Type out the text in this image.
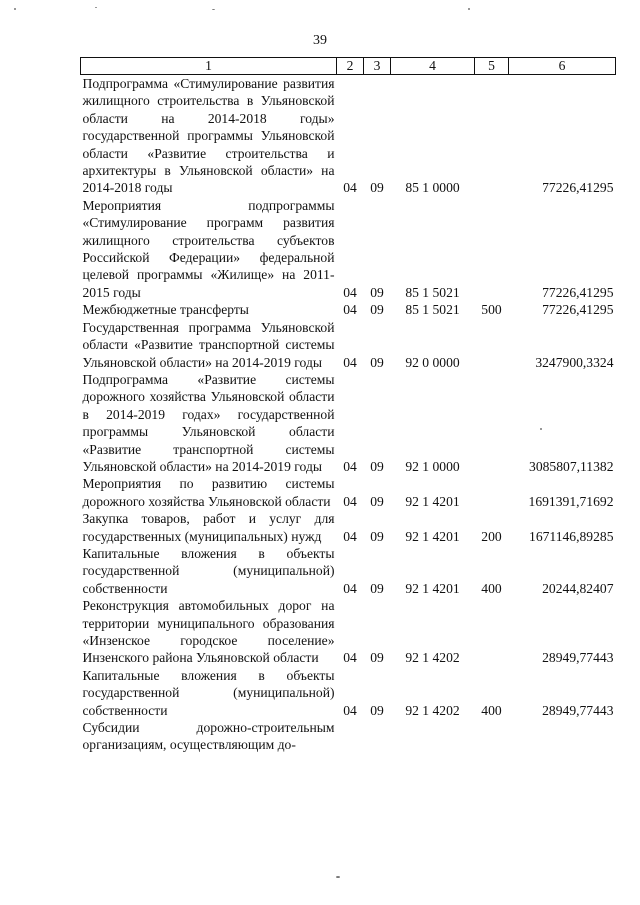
39
1	2	3	4	5	6
Подпрограмма «Стимулирование развития жилищного строительства в Ульяновской области на 2014-2018 годы» государственной программы Ульяновской области «Развитие строительства и архитектуры в Ульяновской области» на 2014-2018 годы	04	09	85 1 0000		77226,41295
Мероприятия подпрограммы «Стимулирование программ развития жилищного строительства субъектов Российской Федерации» федеральной целевой программы «Жилище» на 2011-2015 годы	04	09	85 1 5021		77226,41295
Межбюджетные трансферты	04	09	85 1 5021	500	77226,41295
Государственная программа Ульяновской области «Развитие транспортной системы Ульяновской области» на 2014-2019 годы	04	09	92 0 0000		3247900,3324
Подпрограмма «Развитие системы дорожного хозяйства Ульяновской области в 2014-2019 годах» государственной программы Ульяновской области «Развитие транспортной системы Ульяновской области» на 2014-2019 годы	04	09	92 1 0000		3085807,11382
Мероприятия по развитию системы дорожного хозяйства Ульяновской области	04	09	92 1 4201		1691391,71692
Закупка товаров, работ и услуг для государственных (муниципальных) нужд	04	09	92 1 4201	200	1671146,89285
Капитальные вложения в объекты государственной (муниципальной) собственности	04	09	92 1 4201	400	20244,82407
Реконструкция автомобильных дорог на территории муниципального образования «Инзенское городское поселение» Инзенского района Ульяновской области	04	09	92 1 4202		28949,77443
Капитальные вложения в объекты государственной (муниципальной) собственности	04	09	92 1 4202	400	28949,77443
Субсидии дорожно-строительным организациям, осуществляющим до-					
